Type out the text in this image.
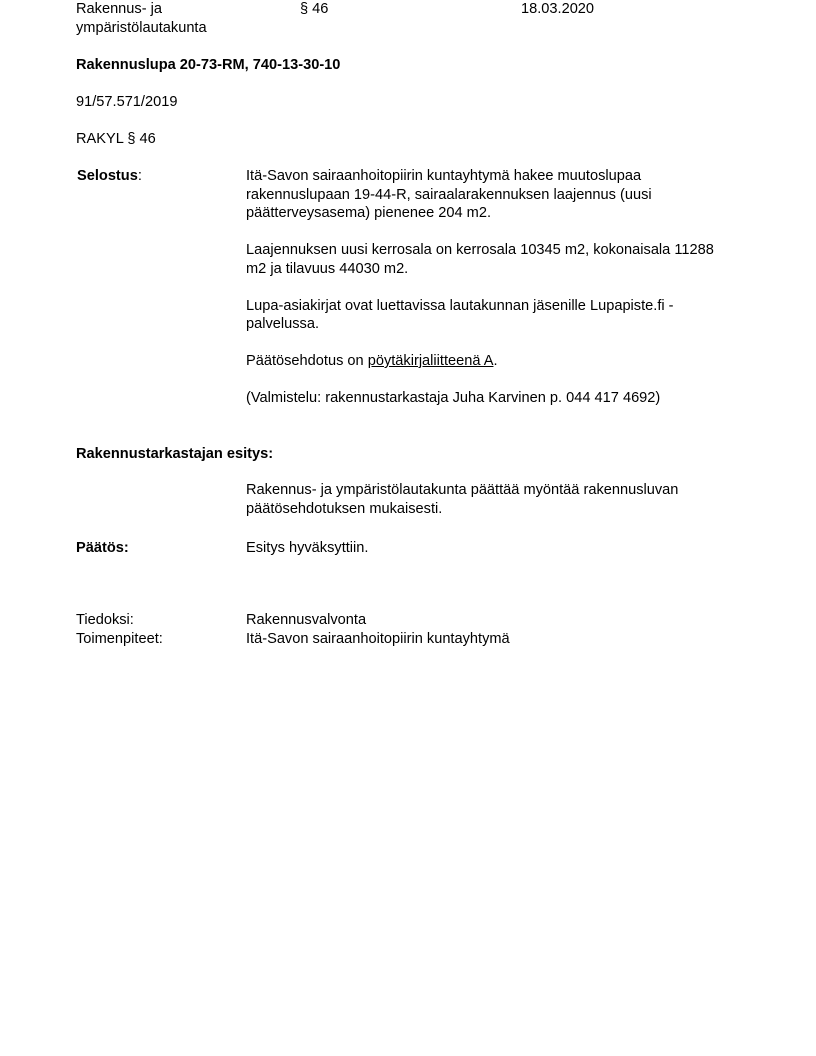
Rakennus- ja ympäristölautakunta
§ 46	18.03.2020
Rakennuslupa 20-73-RM, 740-13-30-10
91/57.571/2019
RAKYL § 46
Selostus:	Itä-Savon sairaanhoitopiirin kuntayhtymä hakee muutoslupaa rakennuslupaan 19-44-R, sairaalarakennuksen laajennus (uusi päätterveysasema) pienenee 204 m2.

Laajennuksen uusi kerrosala on kerrosala 10345 m2, kokonaisala 11288 m2 ja tilavuus 44030 m2.

Lupa-asiakirjat ovat luettavissa lautakunnan jäsenille Lupapiste.fi -palvelussa.

Päätösehdotus on pöytäkirjaliitteenä A.

(Valmistelu: rakennustarkastaja Juha Karvinen p. 044 417 4692)

Rakennustarkastajan esitys:
Rakennus- ja ympäristölautakunta päättää myöntää rakennusluvan päätösehdotuksen mukaisesti.
Päätös:	Esitys hyväksyttiin.
Tiedoksi:	Rakennusvalvonta
Toimenpiteet:	Itä-Savon sairaanhoitopiirin kuntayhtymä
